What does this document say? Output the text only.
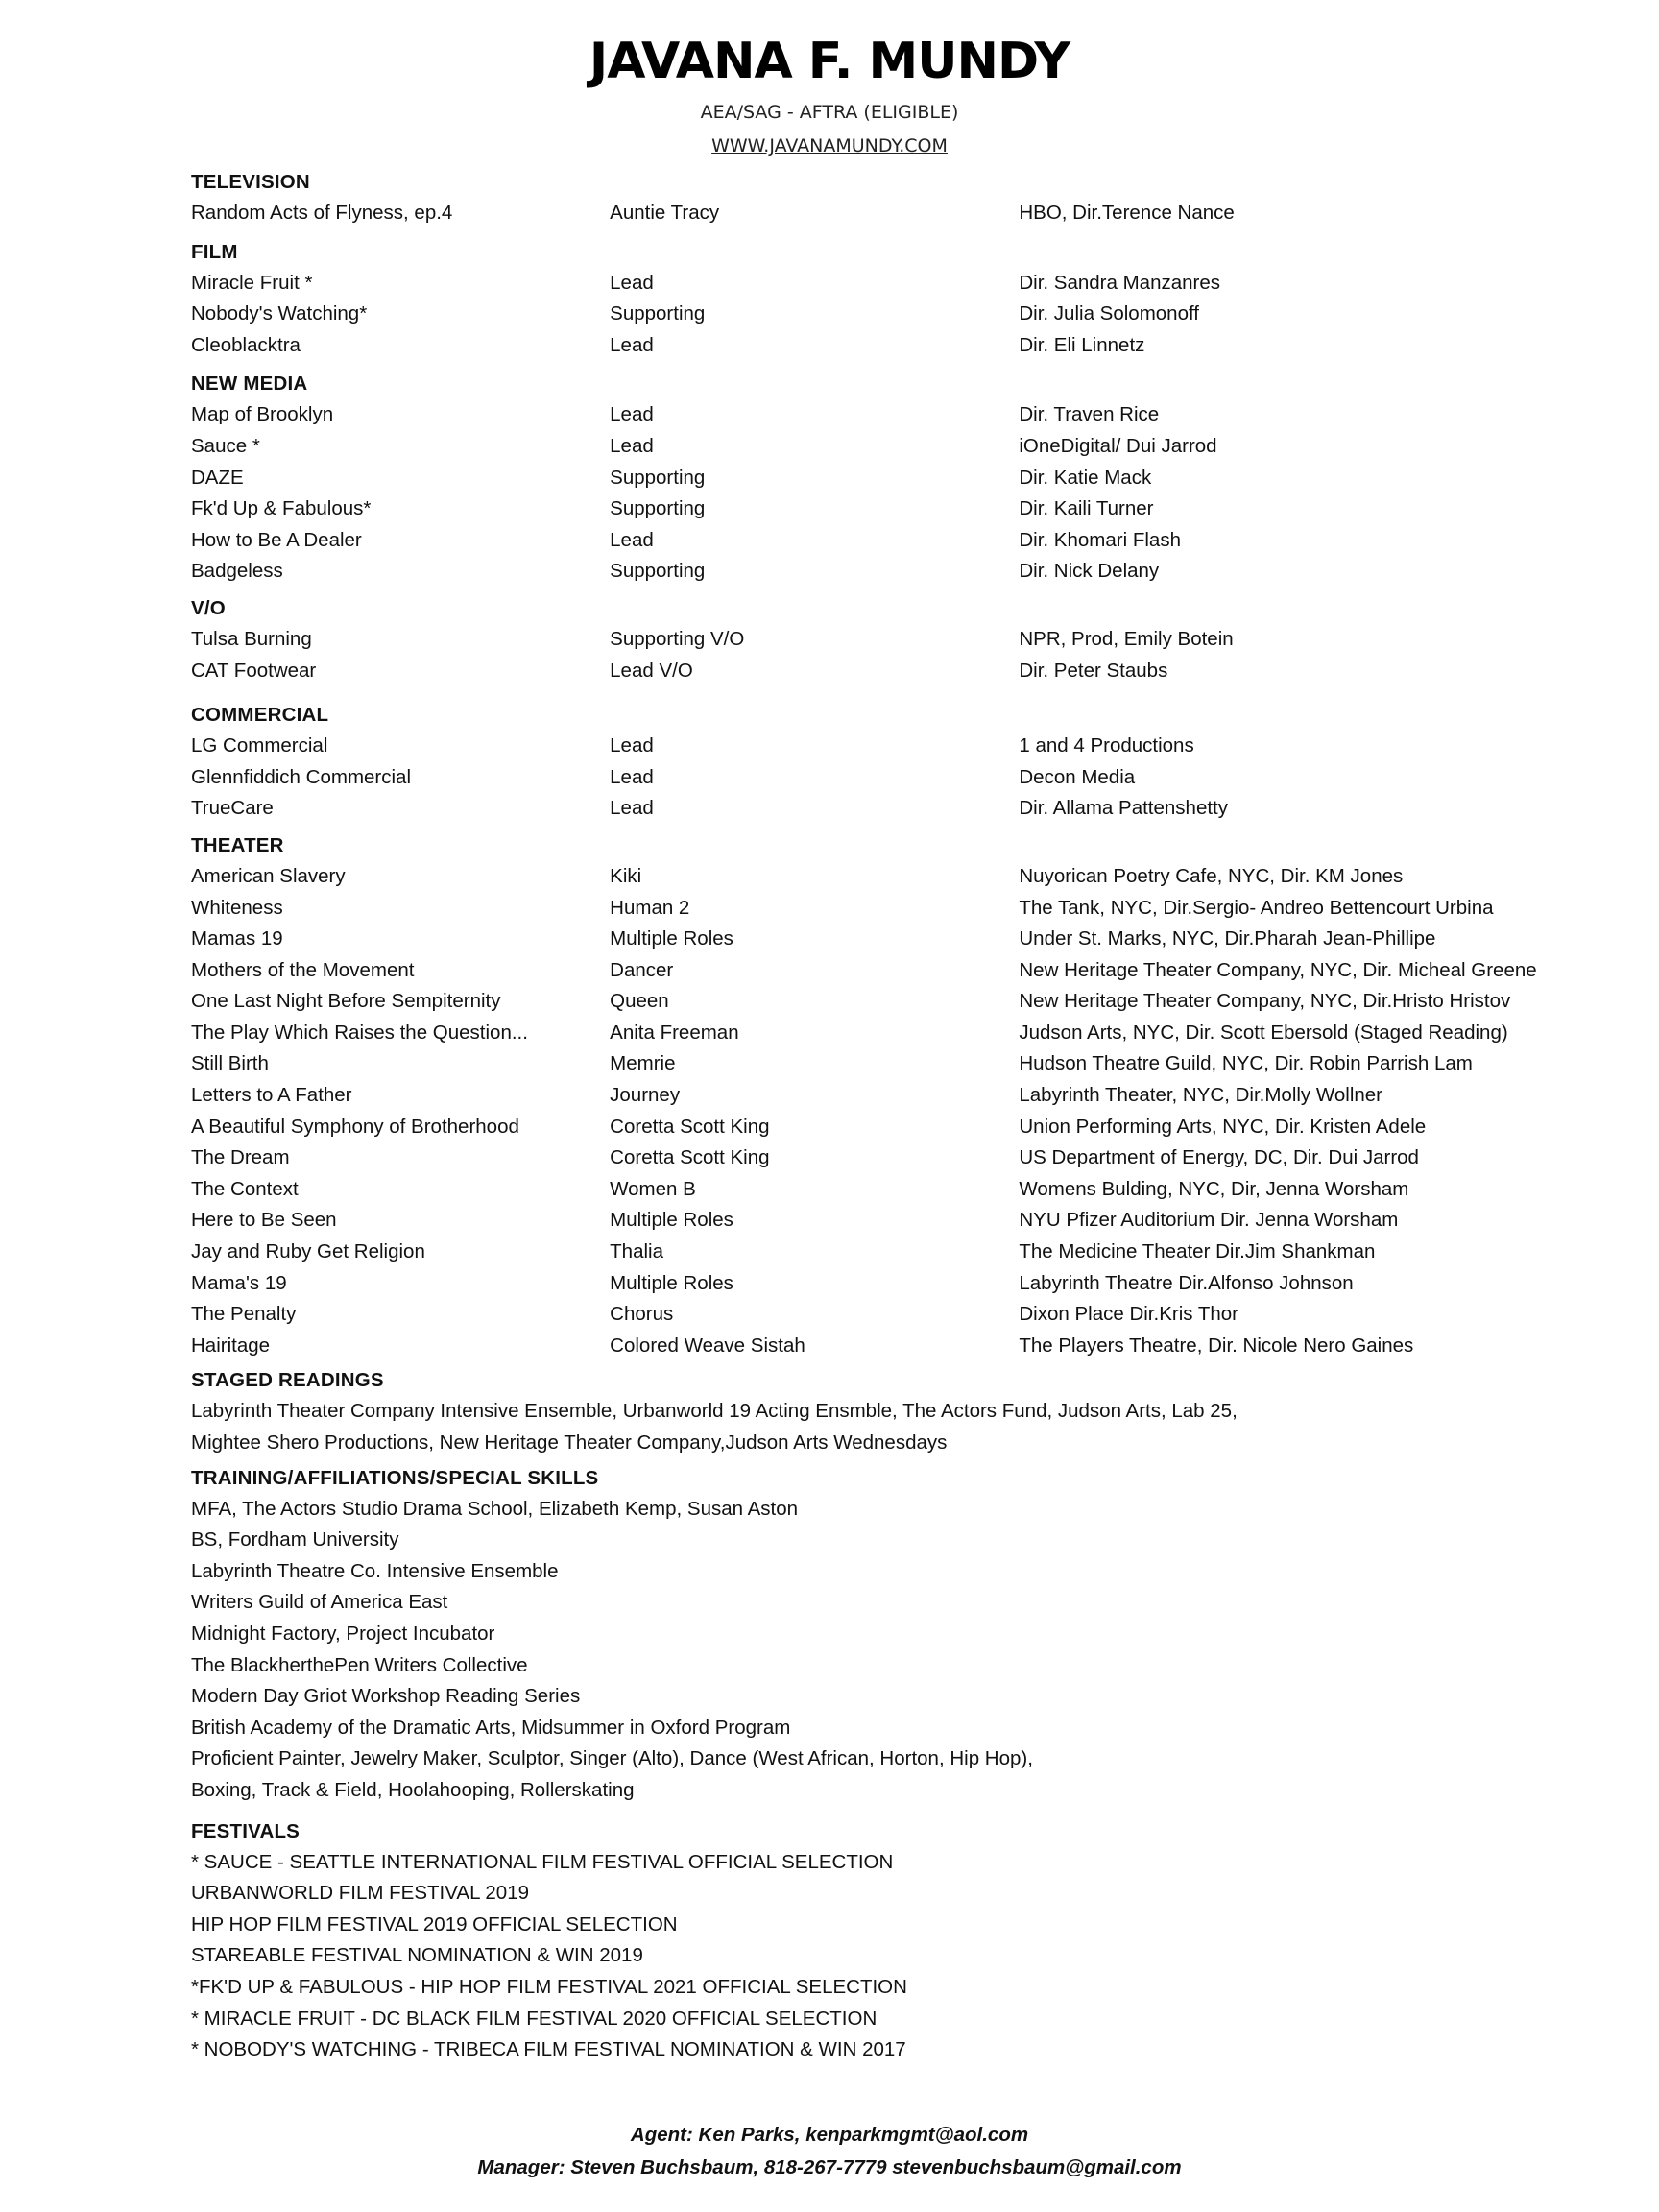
JAVANA F. MUNDY
AEA/SAG - AFTRA (ELIGIBLE)
WWW.JAVANAMUNDY.COM
TELEVISION
Random Acts of Flyness, ep.4	Auntie Tracy	HBO, Dir.Terence Nance
FILM
Miracle Fruit *	Lead	Dir. Sandra Manzanres
Nobody's Watching*	Supporting	Dir. Julia Solomonoff
Cleoblacktra	Lead	Dir. Eli Linnetz
NEW MEDIA
Map of Brooklyn	Lead	Dir. Traven Rice
Sauce *	Lead	iOneDigital/ Dui Jarrod
DAZE	Supporting	Dir. Katie Mack
Fk'd Up & Fabulous*	Supporting	Dir. Kaili Turner
How to Be A Dealer	Lead	Dir. Khomari Flash
Badgeless	Supporting	Dir. Nick Delany
V/O
Tulsa Burning	Supporting V/O	NPR, Prod, Emily Botein
CAT Footwear	Lead V/O	Dir. Peter Staubs
COMMERCIAL
LG Commercial	Lead	1 and 4 Productions
Glennfiddich Commercial	Lead	Decon Media
TrueCare	Lead	Dir. Allama Pattenshetty
THEATER
American Slavery	Kiki	Nuyorican Poetry Cafe, NYC, Dir. KM Jones
Whiteness	Human 2	The Tank, NYC, Dir.Sergio- Andreo Bettencourt Urbina
Mamas 19	Multiple Roles	Under St. Marks, NYC, Dir.Pharah Jean-Phillipe
Mothers of the Movement	Dancer	New Heritage Theater Company, NYC, Dir. Micheal Greene
One Last Night Before Sempiternity	Queen	New Heritage Theater Company, NYC, Dir.Hristo Hristov
The Play Which Raises the Question...	Anita Freeman	Judson Arts, NYC, Dir. Scott Ebersold (Staged Reading)
Still Birth	Memrie	Hudson Theatre Guild, NYC, Dir. Robin Parrish Lam
Letters to A Father	Journey	Labyrinth Theater, NYC, Dir.Molly Wollner
A Beautiful Symphony of Brotherhood	Coretta Scott King	Union Performing Arts, NYC, Dir. Kristen Adele
The Dream	Coretta Scott King	US Department of Energy, DC, Dir. Dui Jarrod
The Context	Women B	Womens Bulding, NYC, Dir, Jenna Worsham
Here to Be Seen	Multiple Roles	NYU Pfizer Auditorium Dir. Jenna Worsham
Jay and Ruby Get Religion	Thalia	The Medicine Theater Dir.Jim Shankman
Mama's 19	Multiple Roles	Labyrinth Theatre Dir.Alfonso Johnson
The Penalty	Chorus	Dixon Place Dir.Kris Thor
Hairitage	Colored Weave Sistah	The Players Theatre, Dir. Nicole Nero Gaines
STAGED READINGS
Labyrinth Theater Company Intensive Ensemble, Urbanworld 19 Acting Ensmble, The Actors Fund, Judson Arts, Lab 25,
Mightee Shero Productions, New Heritage Theater Company,Judson Arts Wednesdays
TRAINING/AFFILIATIONS/SPECIAL SKILLS
MFA, The Actors Studio Drama School, Elizabeth Kemp, Susan Aston
BS, Fordham University
Labyrinth Theatre Co. Intensive Ensemble
Writers Guild of America East
Midnight Factory, Project Incubator
The BlackherthePen Writers Collective
Modern Day Griot Workshop Reading Series
British Academy of the Dramatic Arts, Midsummer in Oxford Program
Proficient Painter, Jewelry Maker, Sculptor, Singer (Alto), Dance (West African, Horton, Hip Hop),
Boxing, Track & Field, Hoolahooping, Rollerskating
FESTIVALS
* SAUCE - SEATTLE INTERNATIONAL FILM FESTIVAL OFFICIAL SELECTION
URBANWORLD FILM FESTIVAL 2019
HIP HOP FILM FESTIVAL 2019 OFFICIAL SELECTION
STAREABLE FESTIVAL NOMINATION & WIN 2019
*FK'D UP & FABULOUS - HIP HOP FILM FESTIVAL 2021 OFFICIAL SELECTION
* MIRACLE FRUIT - DC BLACK FILM FESTIVAL 2020 OFFICIAL SELECTION
* NOBODY'S WATCHING - TRIBECA FILM FESTIVAL NOMINATION & WIN 2017
Agent: Ken Parks, kenparkmgmt@aol.com
Manager: Steven Buchsbaum, 818-267-7779 stevenbuchsbaum@gmail.com
